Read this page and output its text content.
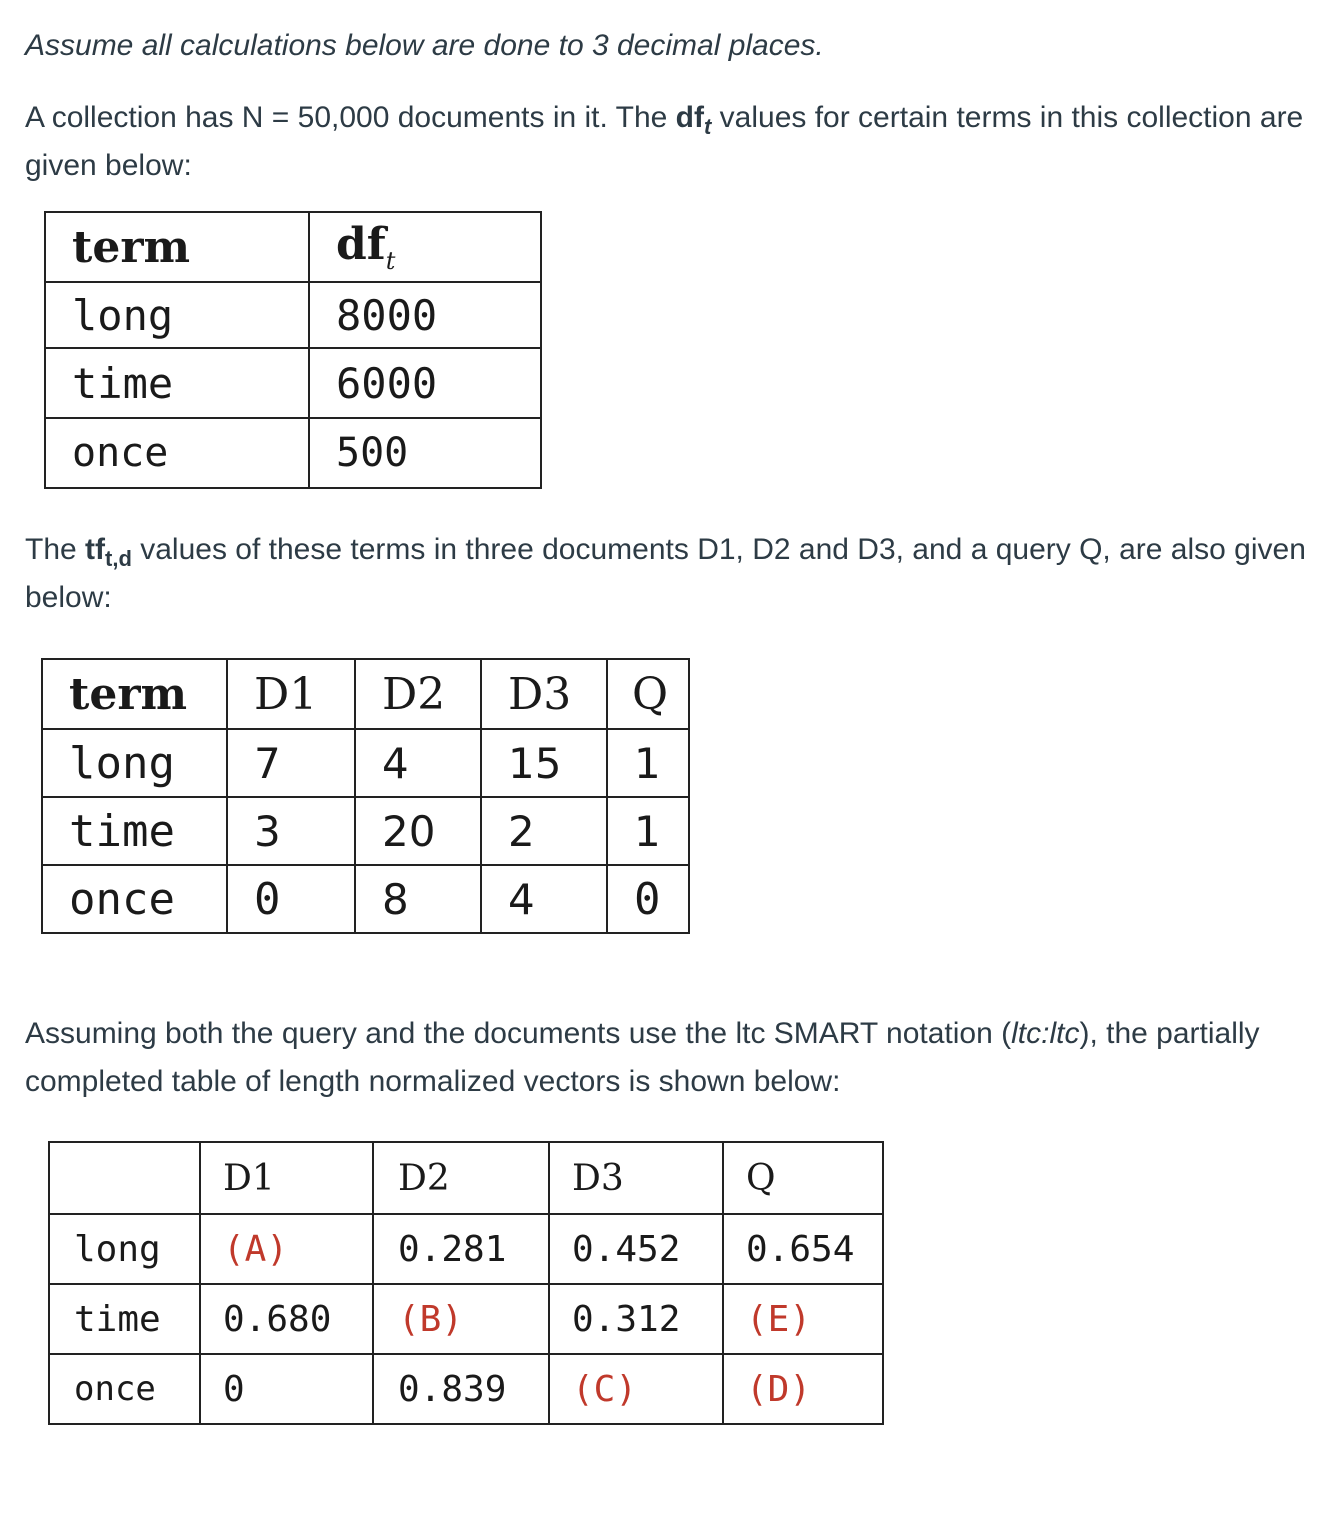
Assume all calculations below are done to 3 decimal places.

A collection has N = 50,000 documents in it. The $df_t$ values for certain terms in this collection are given below:

term	$df_t$
long	8000
time	6000
once	500

The $tf_{t,d}$ values of these terms in three documents D1, D2 and D3, and a query Q, are also given below:

term	D1	D2	D3	Q
long	7	4	15	1
time	3	20	2	1
once	0	8	4	0

Assuming both the query and the documents use the ltc SMART notation (ltc:ltc), the partially completed table of length normalized vectors is shown below:

	D1	D2	D3	Q
long	(A)	0.281	0.452	0.654
time	0.680	(B)	0.312	(E)
once	0	0.839	(C)	(D)
